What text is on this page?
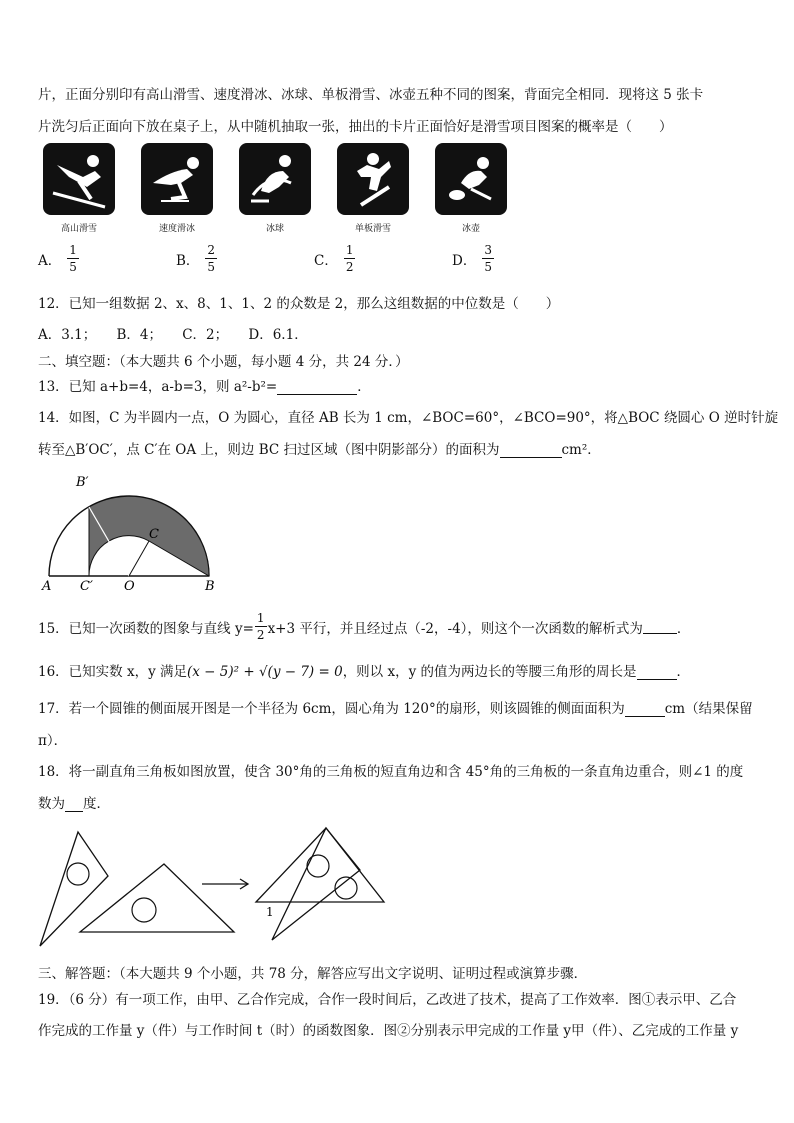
片，正面分别印有高山滑雪、速度滑冰、冰球、单板滑雪、冰壶五种不同的图案，背面完全相同．现将这 5 张卡
片洗匀后正面向下放在桌子上，从中随机抽取一张，抽出的卡片正面恰好是滑雪项目图案的概率是（　　）
高山滑雪	速度滑冰	冰球	单板滑雪	冰壶
A． $\frac{1}{5}$	B． $\frac{2}{5}$	C． $\frac{1}{2}$	D． $\frac{3}{5}$
12．已知一组数据 2、x、8、1、1、2 的众数是 2，那么这组数据的中位数是（　　）
A．3.1；　　B．4；　　C．2；　　D．6.1．
二、填空题：（本大题共 6 个小题，每小题 4 分，共 24 分．）
13．已知 a+b=4，a-b=3，则 a²-b²=	．
14．如图，C 为半圆内一点，O 为圆心，直径 AB 长为 1 cm，∠BOC=60°，∠BCO=90°，将△BOC 绕圆心 O 逆时针旋
转至△B′OC′，点 C′在 OA 上，则边 BC 扫过区域（图中阴影部分）的面积为	cm²．
A	B
C
O
B′
C′
15．已知一次函数的图象与直线 $y= \frac{1}{2} x+3$ 平行，并且经过点（-2，-4），则这个一次函数的解析式为	．
16．已知实数 x，y 满足(x − 5)² + √(y − 7) = 0，则以 x，y 的值为两边长的等腰三角形的周长是	．
17．若一个圆锥的侧面展开图是一个半径为 6cm，圆心角为 120°的扇形，则该圆锥的侧面面积为	cm（结果保留
π）．
18．将一副直角三角板如图放置，使含 30°角的三角板的短直角边和含 45°角的三角板的一条直角边重合，则∠1 的度
数为 度．
1
三、解答题：（本大题共 9 个小题，共 78 分，解答应写出文字说明、证明过程或演算步骤．
19．（6 分）有一项工作，由甲、乙合作完成，合作一段时间后，乙改进了技术，提高了工作效率．图①表示甲、乙合
作完成的工作量 y（件）与工作时间 t（时）的函数图象．图②分别表示甲完成的工作量 y甲（件）、乙完成的工作量 y
